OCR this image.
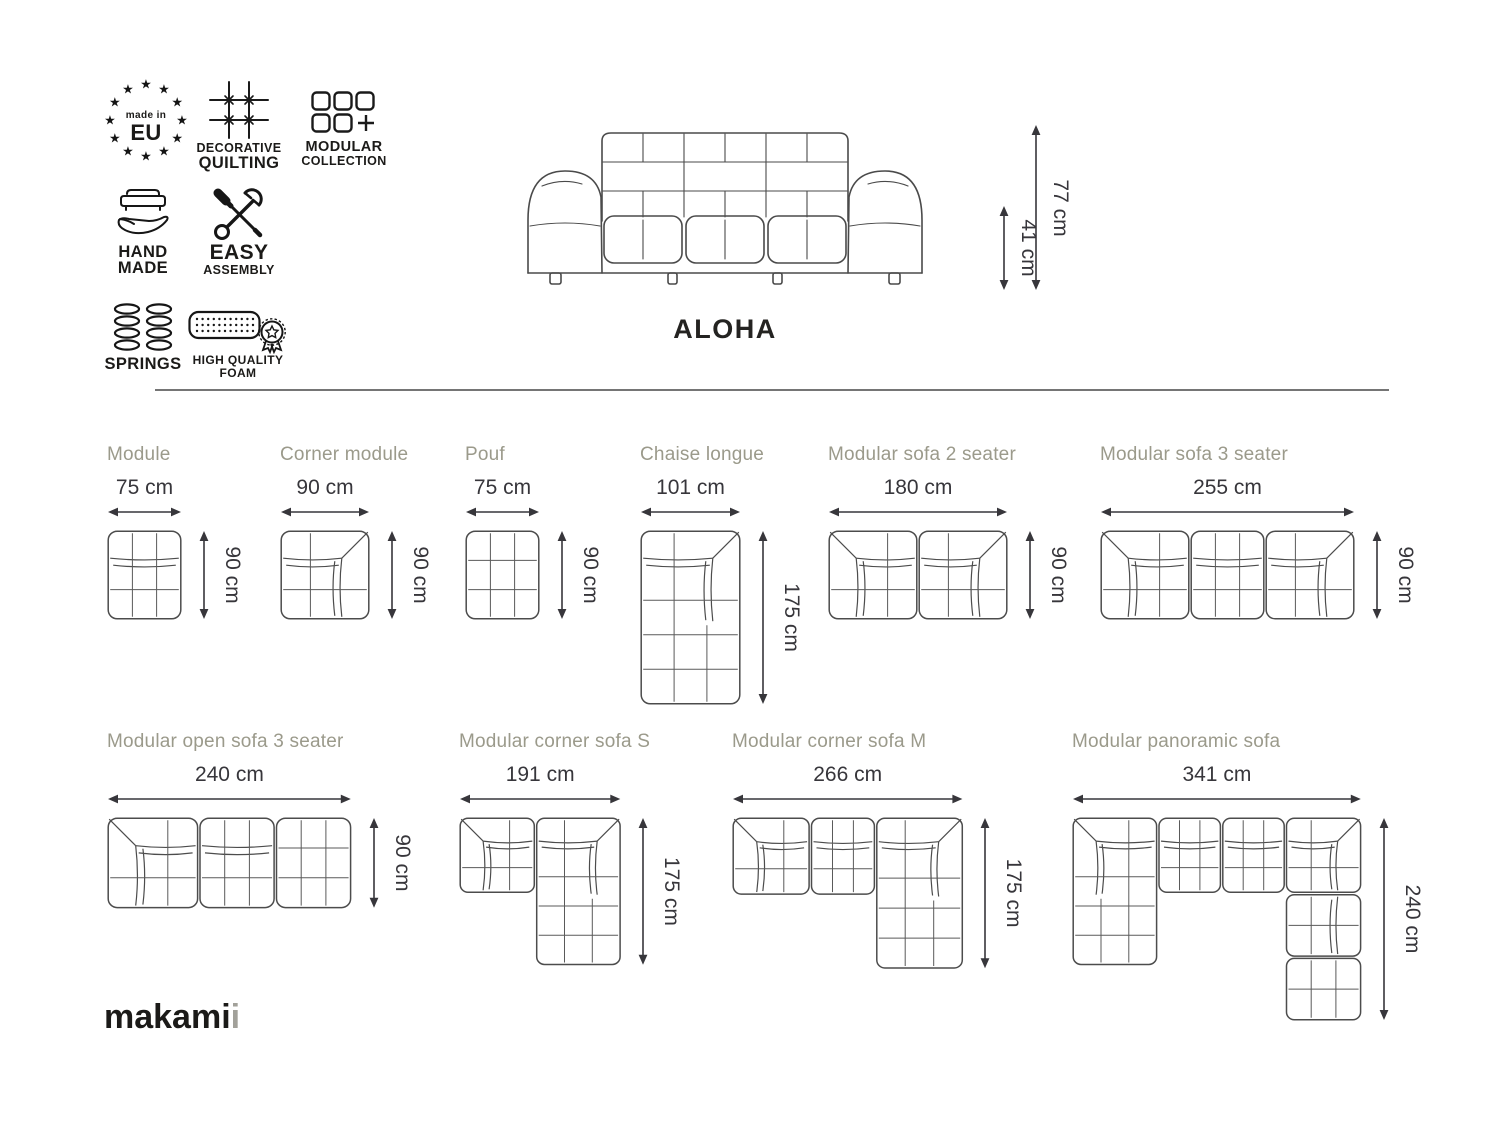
★ ★
★
★
★
★
★
★
★
★
★
★
made in
EU
DECORATIVE
QUILTING
MODULAR
COLLECTION
HAND
MADE
EASY
ASSEMBLY
SPRINGS HIGH QUALITY
FOAM
41 cm
77 cm
ALOHA
Module
75 cm
90 cm
Corner module
90 cm
90 cm
Pouf
75 cm
90 cm
Chaise longue
101 cm
175 cm
Modular sofa 2 seater
180 cm
90 cm
Modular sofa 3 seater
255 cm
90 cm
Modular open sofa 3 seater
240 cm
90 cm
Modular corner sofa S
191 cm
175 cm
Modular corner sofa M
266 cm
175 cm
Modular panoramic sofa
341 cm
240 cm
makamii
